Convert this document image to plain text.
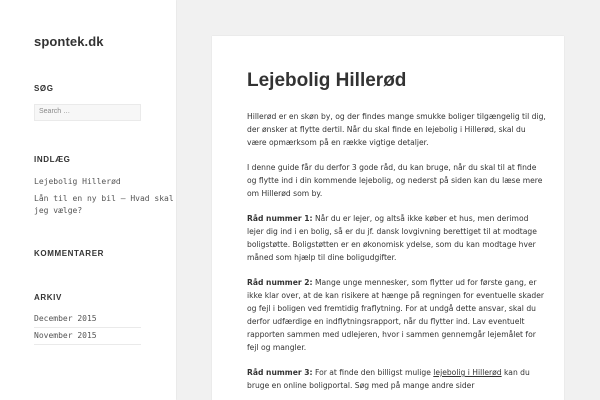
spontek.dk
SØG
Search …
INDLÆG
Lejebolig Hillerød
Lån til en ny bil – Hvad skal jeg vælge?
KOMMENTARER
ARKIV
December 2015
November 2015
Lejebolig Hillerød

Hillerød er en skøn by, og der findes mange smukke boliger tilgængelig til dig, der ønsker at flytte dertil. Når du skal finde en lejebolig i Hillerød, skal du være opmærksom på en række vigtige detaljer.

I denne guide får du derfor 3 gode råd, du kan bruge, når du skal til at finde og flytte ind i din kommende lejebolig, og nederst på siden kan du læse mere om Hillerød som by.

Råd nummer 1: Når du er lejer, og altså ikke køber et hus, men derimod lejer dig ind i en bolig, så er du jf. dansk lovgivning berettiget til at modtage boligstøtte. Boligstøtten er en økonomisk ydelse, som du kan modtage hver måned som hjælp til dine boligudgifter.

Råd nummer 2: Mange unge mennesker, som flytter ud for første gang, er ikke klar over, at de kan risikere at hænge på regningen for eventuelle skader og fejl i boligen ved fremtidig fraflytning. For at undgå dette ansvar, skal du derfor udfærdige en indflytningsrapport, når du flytter ind. Lav eventuelt rapporten sammen med udlejeren, hvor i sammen gennemgår lejemålet for fejl og mangler.

Råd nummer 3: For at finde den billigst mulige lejebolig i Hillerød kan du bruge en online boligportal. Søg med på mange andre sider
